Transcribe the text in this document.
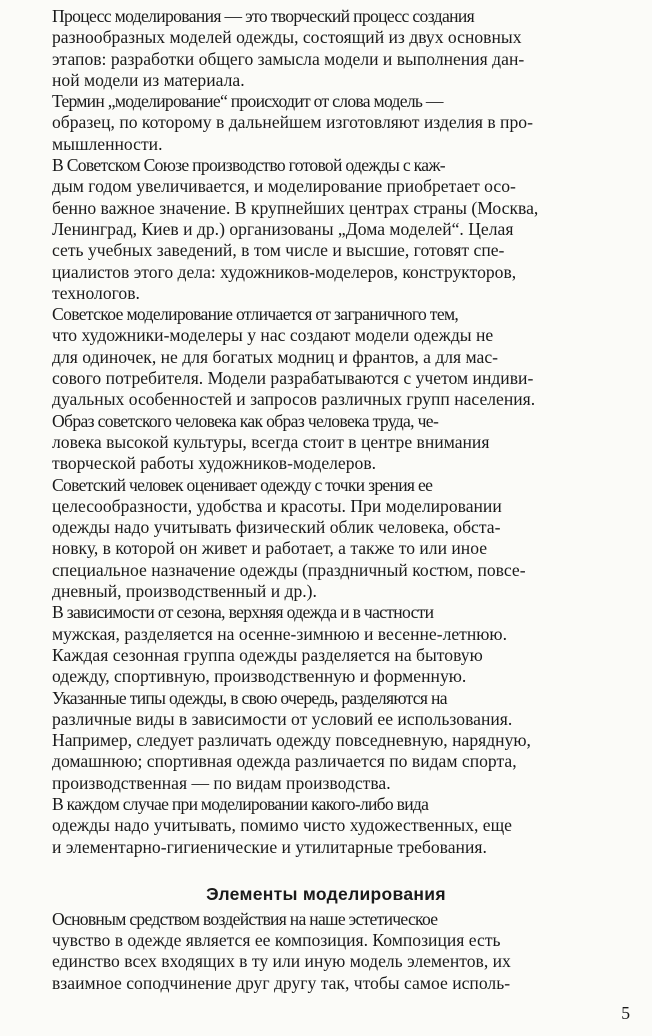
Процесс моделирования — это творческий процесс создания
разнообразных моделей одежды, состоящий из двух основных
этапов: разработки общего замысла модели и выполнения дан-
ной модели из материала.

Термин „моделирование“ происходит от слова модель —
образец, по которому в дальнейшем изготовляют изделия в про-
мышленности.

В Советском Союзе производство готовой одежды с каж-
дым годом увеличивается, и моделирование приобретает осо-
бенно важное значение. В крупнейших центрах страны (Москва,
Ленинград, Киев и др.) организованы „Дома моделей“. Целая
сеть учебных заведений, в том числе и высшие, готовят спе-
циалистов этого дела: художников-моделеров, конструкторов,
технологов.

Советское моделирование отличается от заграничного тем,
что художники-моделеры у нас создают модели одежды не
для одиночек, не для богатых модниц и франтов, а для мас-
сового потребителя. Модели разрабатываются с учетом индиви-
дуальных особенностей и запросов различных групп населения.

Образ советского человека как образ человека труда, че-
ловека высокой культуры, всегда стоит в центре внимания
творческой работы художников-моделеров.

Советский человек оценивает одежду с точки зрения ее
целесообразности, удобства и красоты. При моделировании
одежды надо учитывать физический облик человека, обста-
новку, в которой он живет и работает, а также то или иное
специальное назначение одежды (праздничный костюм, повсе-
дневный, производственный и др.).

В зависимости от сезона, верхняя одежда и в частности
мужская, разделяется на осенне-зимнюю и весенне-летнюю.
Каждая сезонная группа одежды разделяется на бытовую
одежду, спортивную, производственную и форменную.

Указанные типы одежды, в свою очередь, разделяются на
различные виды в зависимости от условий ее использования.
Например, следует различать одежду повседневную, нарядную,
домашнюю; спортивная одежда различается по видам спорта,
производственная — по видам производства.

В каждом случае при моделировании какого-либо вида
одежды надо учитывать, помимо чисто художественных, еще
и элементарно-гигиенические и утилитарные требования.

Элементы моделирования

Основным средством воздействия на наше эстетическое
чувство в одежде является ее композиция. Композиция есть
единство всех входящих в ту или иную модель элементов, их
взаимное соподчинение друг другу так, чтобы самое исполь-

5
